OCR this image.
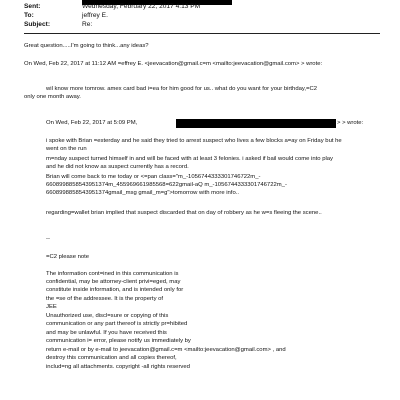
Sent:	Wednesday, February 22, 2017 4:13 PM
To:	jeffrey E.
Subject:	Re:
Great question.....I'm going to think...any ideas?
On Wed, Feb 22, 2017 at 11:12 AM =effrey E. <jeevacation@gmail.c=m <mailto:jeevacation@gmail.com> > wrote:
wil know more tomrow. amex card bad i=ea for him good for us.. what do you want for your birthday,=C2
only one month away.
On Wed, Feb 22, 2017 at 5:09 PM,	> > wrote:
i spoke with Brian =esterday and he said they tried to arrest suspect who lives a few blocks a=ay on Friday but he
went on the run
m=nday suspect turned himself in and will be faced with at least 3 felonies. i asked if bail would come into play
and he did not know as suspect currently has a record.
Brian will come back to me today or <=pan class="m_-1056744333301746722m_-
6608998858543951374m_455969661985568=622gmail-aQ m_-1056744333301746722m_-
6608998858543951374gmail_msg gmail_m=g">tomorrow with more info..
regarding=wallet brian implied that suspect discarded that on day of robbery as he w=s fleeing the scene..
--
=C2 please note
The information cont=ined in this communication is
confidential, may be attorney-client privi=eged, may
constitute inside information, and is intended only for
the =se of the addressee. It is the property of
JEE
Unauthorized use, discl=sure or copying of this
communication or any part thereof is strictly pr=hibited
and may be unlawful. If you have received this
communication i= error, please notify us immediately by
return e-mail or by e-mail to jeevacation@gmail.c=m <mailto:jeevacation@gmail.com> , and
destroy this communication and all copies thereof,
includ=ng all attachments. copyright -all rights reserved
